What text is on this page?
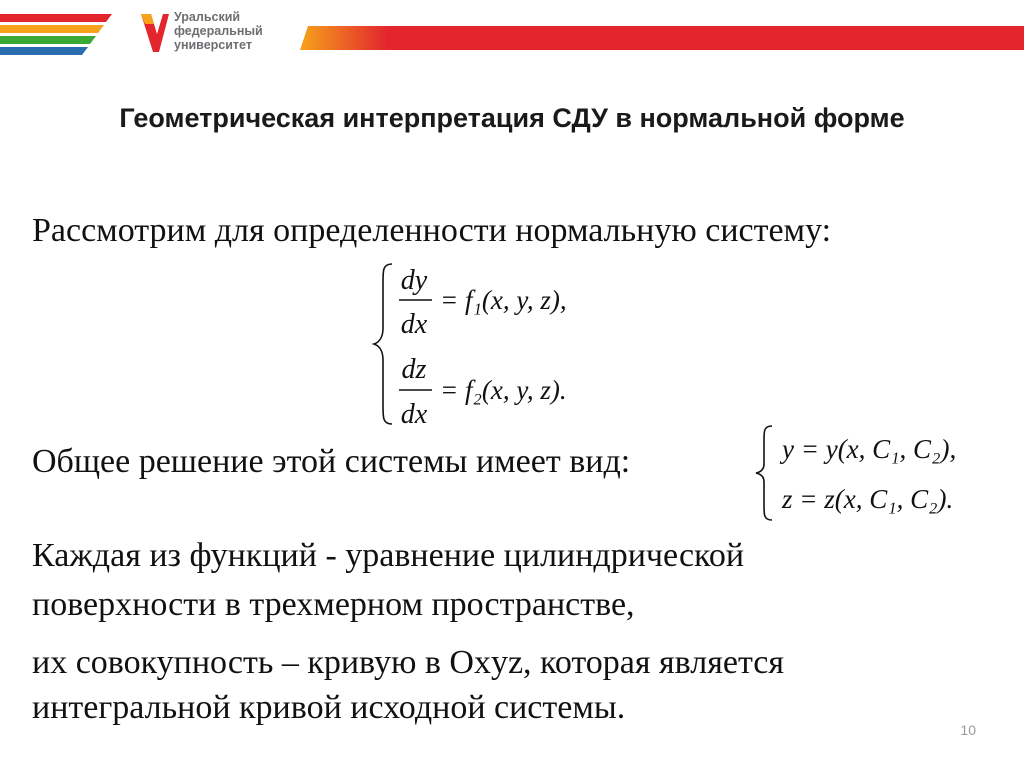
Уральский
федеральный
университет
Геометрическая интерпретация СДУ в нормальной форме
Рассмотрим для определенности нормальную систему:
dy
dx
= f₁(x, y, z),
dz
dx
= f₂(x, y, z).
Общее решение этой системы имеет вид:	y = y(x, C₁, C₂),
z = z(x, C₁, C₂).
Каждая из функций - уравнение цилиндрической
поверхности в трехмерном пространстве,
их совокупность – кривую в Oxyz, которая является
интегральной кривой исходной системы.
10
